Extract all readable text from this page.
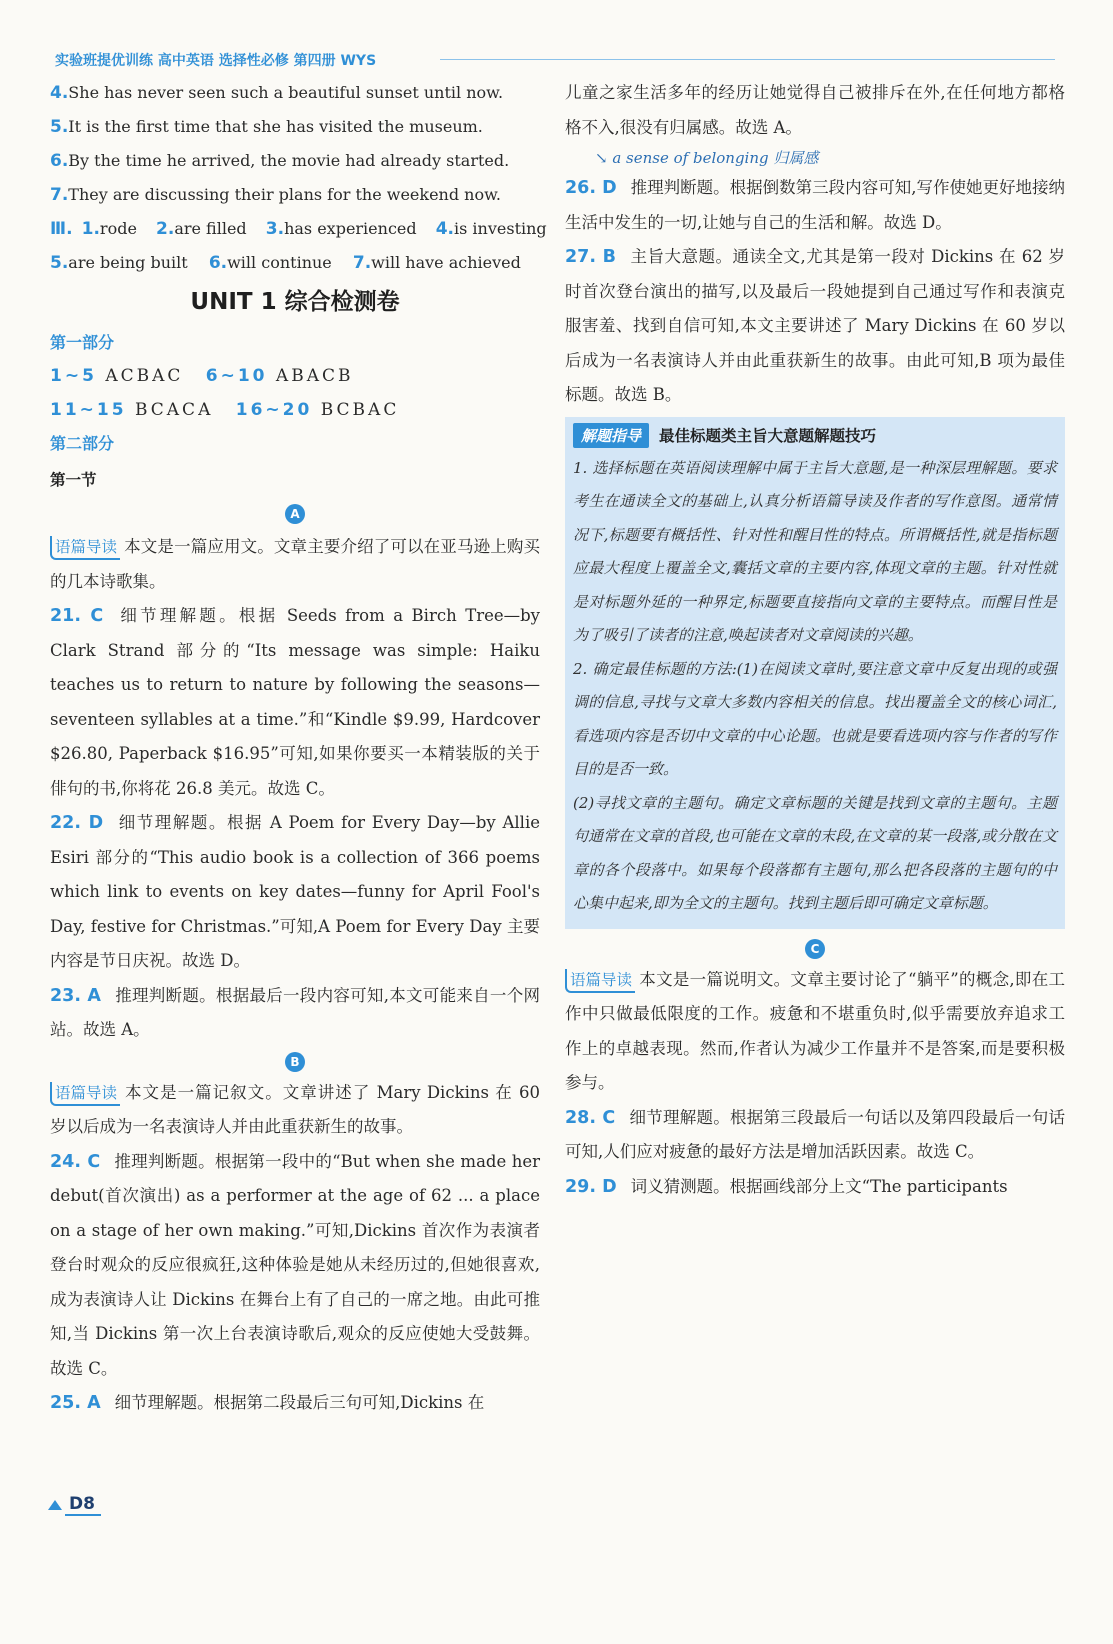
实验班提优训练 高中英语 选择性必修 第四册 WYS
4.She has never seen such a beautiful sunset until now.
5.It is the first time that she has visited the museum.
6.By the time he arrived, the movie had already started.
7.They are discussing their plans for the weekend now.
Ⅲ. 1.rode 2.are filled 3.has experienced 4.is investing
5.are being built 6.will continue 7.will have achieved
UNIT 1 综合检测卷
第一部分
1~5 ACBAC 6~10 ABACB
11~15 BCACA 16~20 BCBAC
第二部分
第一节
A
语篇导读 本文是一篇应用文。文章主要介绍了可以在亚马逊上购买的几本诗歌集。
21. C 细节理解题。根据 Seeds from a Birch Tree—by Clark Strand 部分的“Its message was simple: Haiku teaches us to return to nature by following the seasons—seventeen syllables at a time.”和“Kindle $9.99, Hardcover $26.80, Paperback $16.95”可知,如果你要买一本精装版的关于俳句的书,你将花 26.8 美元。故选 C。
22. D 细节理解题。根据 A Poem for Every Day—by Allie Esiri 部分的“This audio book is a collection of 366 poems which link to events on key dates—funny for April Fool's Day, festive for Christmas.”可知,A Poem for Every Day 主要内容是节日庆祝。故选 D。
23. A 推理判断题。根据最后一段内容可知,本文可能来自一个网站。故选 A。
B
语篇导读 本文是一篇记叙文。文章讲述了 Mary Dickins 在 60 岁以后成为一名表演诗人并由此重获新生的故事。
24. C 推理判断题。根据第一段中的“But when she made her debut(首次演出) as a performer at the age of 62 ... a place on a stage of her own making.”可知,Dickins 首次作为表演者登台时观众的反应很疯狂,这种体验是她从未经历过的,但她很喜欢,成为表演诗人让 Dickins 在舞台上有了自己的一席之地。由此可推知,当 Dickins 第一次上台表演诗歌后,观众的反应使她大受鼓舞。故选 C。
25. A 细节理解题。根据第二段最后三句可知,Dickins 在
儿童之家生活多年的经历让她觉得自己被排斥在外,在任何地方都格格不入,很没有归属感。故选 A。
↘ a sense of belonging 归属感
26. D 推理判断题。根据倒数第三段内容可知,写作使她更好地接纳生活中发生的一切,让她与自己的生活和解。故选 D。
27. B 主旨大意题。通读全文,尤其是第一段对 Dickins 在 62 岁时首次登台演出的描写,以及最后一段她提到自己通过写作和表演克服害羞、找到自信可知,本文主要讲述了 Mary Dickins 在 60 岁以后成为一名表演诗人并由此重获新生的故事。由此可知,B 项为最佳标题。故选 B。
解题指导	最佳标题类主旨大意题解题技巧
1. 选择标题在英语阅读理解中属于主旨大意题,是一种深层理解题。要求考生在通读全文的基础上,认真分析语篇导读及作者的写作意图。通常情况下,标题要有概括性、针对性和醒目性的特点。所谓概括性,就是指标题应最大程度上覆盖全文,囊括文章的主要内容,体现文章的主题。针对性就是对标题外延的一种界定,标题要直接指向文章的主要特点。而醒目性是为了吸引了读者的注意,唤起读者对文章阅读的兴趣。
2. 确定最佳标题的方法:(1)在阅读文章时,要注意文章中反复出现的或强调的信息,寻找与文章大多数内容相关的信息。找出覆盖全文的核心词汇,看选项内容是否切中文章的中心论题。也就是要看选项内容与作者的写作目的是否一致。
(2)寻找文章的主题句。确定文章标题的关键是找到文章的主题句。主题句通常在文章的首段,也可能在文章的末段,在文章的某一段落,或分散在文章的各个段落中。如果每个段落都有主题句,那么把各段落的主题句的中心集中起来,即为全文的主题句。找到主题后即可确定文章标题。
C
语篇导读 本文是一篇说明文。文章主要讨论了“躺平”的概念,即在工作中只做最低限度的工作。疲惫和不堪重负时,似乎需要放弃追求工作上的卓越表现。然而,作者认为减少工作量并不是答案,而是要积极参与。
28. C 细节理解题。根据第三段最后一句话以及第四段最后一句话可知,人们应对疲惫的最好方法是增加活跃因素。故选 C。
29. D 词义猜测题。根据画线部分上文“The participants
D8
